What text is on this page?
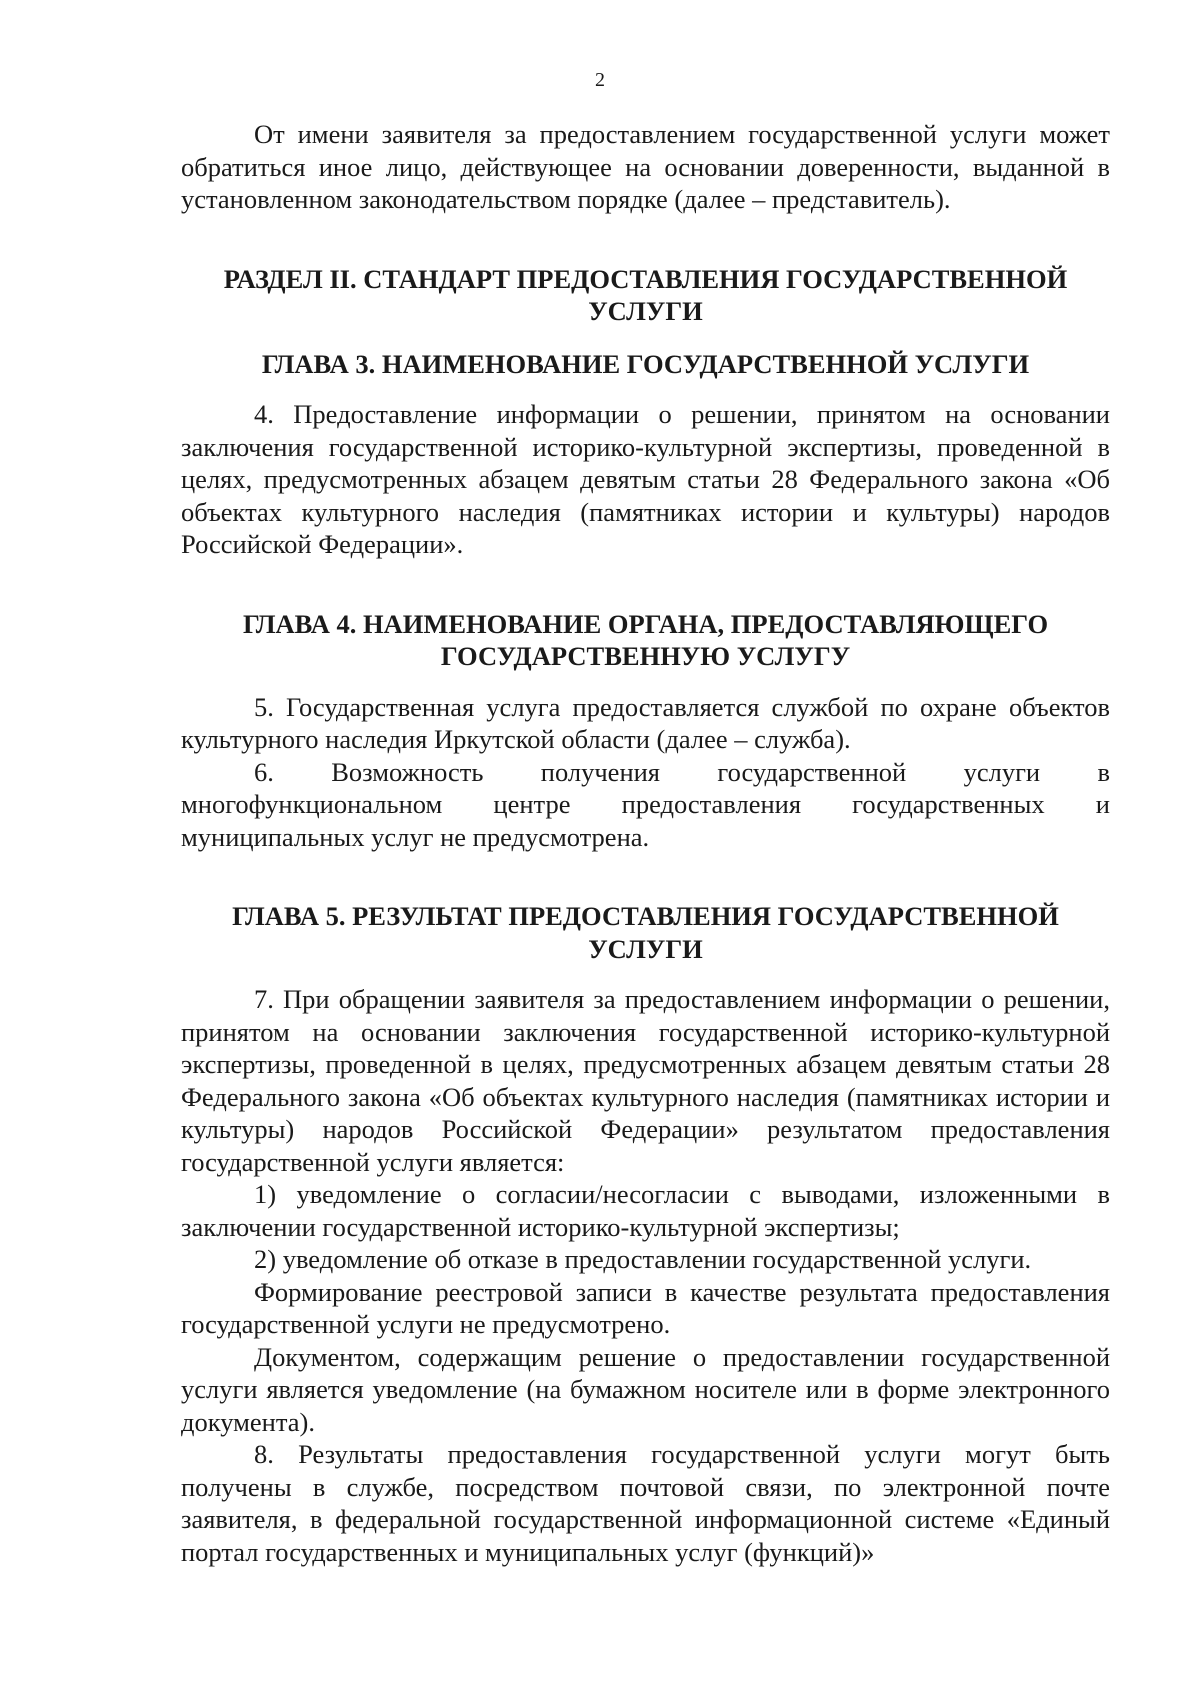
2

От имени заявителя за предоставлением государственной услуги может обратиться иное лицо, действующее на основании доверенности, выданной в установленном законодательством порядке (далее – представитель).

РАЗДЕЛ II. СТАНДАРТ ПРЕДОСТАВЛЕНИЯ ГОСУДАРСТВЕННОЙ УСЛУГИ
ГЛАВА 3. НАИМЕНОВАНИЕ ГОСУДАРСТВЕННОЙ УСЛУГИ

4. Предоставление информации о решении, принятом на основании заключения государственной историко-культурной экспертизы, проведенной в целях, предусмотренных абзацем девятым статьи 28 Федерального закона «Об объектах культурного наследия (памятниках истории и культуры) народов Российской Федерации».

ГЛАВА 4. НАИМЕНОВАНИЕ ОРГАНА, ПРЕДОСТАВЛЯЮЩЕГО ГОСУДАРСТВЕННУЮ УСЛУГУ

5. Государственная услуга предоставляется службой по охране объектов культурного наследия Иркутской области (далее – служба).

6. Возможность получения государственной услуги в многофункциональном центре предоставления государственных и муниципальных услуг не предусмотрена.

ГЛАВА 5. РЕЗУЛЬТАТ ПРЕДОСТАВЛЕНИЯ ГОСУДАРСТВЕННОЙ УСЛУГИ

7. При обращении заявителя за предоставлением информации о решении, принятом на основании заключения государственной историко-культурной экспертизы, проведенной в целях, предусмотренных абзацем девятым статьи 28 Федерального закона «Об объектах культурного наследия (памятниках истории и культуры) народов Российской Федерации» результатом предоставления государственной услуги является:

1) уведомление о согласии/несогласии с выводами, изложенными в заключении государственной историко-культурной экспертизы;

2) уведомление об отказе в предоставлении государственной услуги.

Формирование реестровой записи в качестве результата предоставления государственной услуги не предусмотрено.

Документом, содержащим решение о предоставлении государственной услуги является уведомление (на бумажном носителе или в форме электронного документа).

8. Результаты предоставления государственной услуги могут быть получены в службе, посредством почтовой связи, по электронной почте заявителя, в федеральной государственной информационной системе «Единый портал государственных и муниципальных услуг (функций)»
